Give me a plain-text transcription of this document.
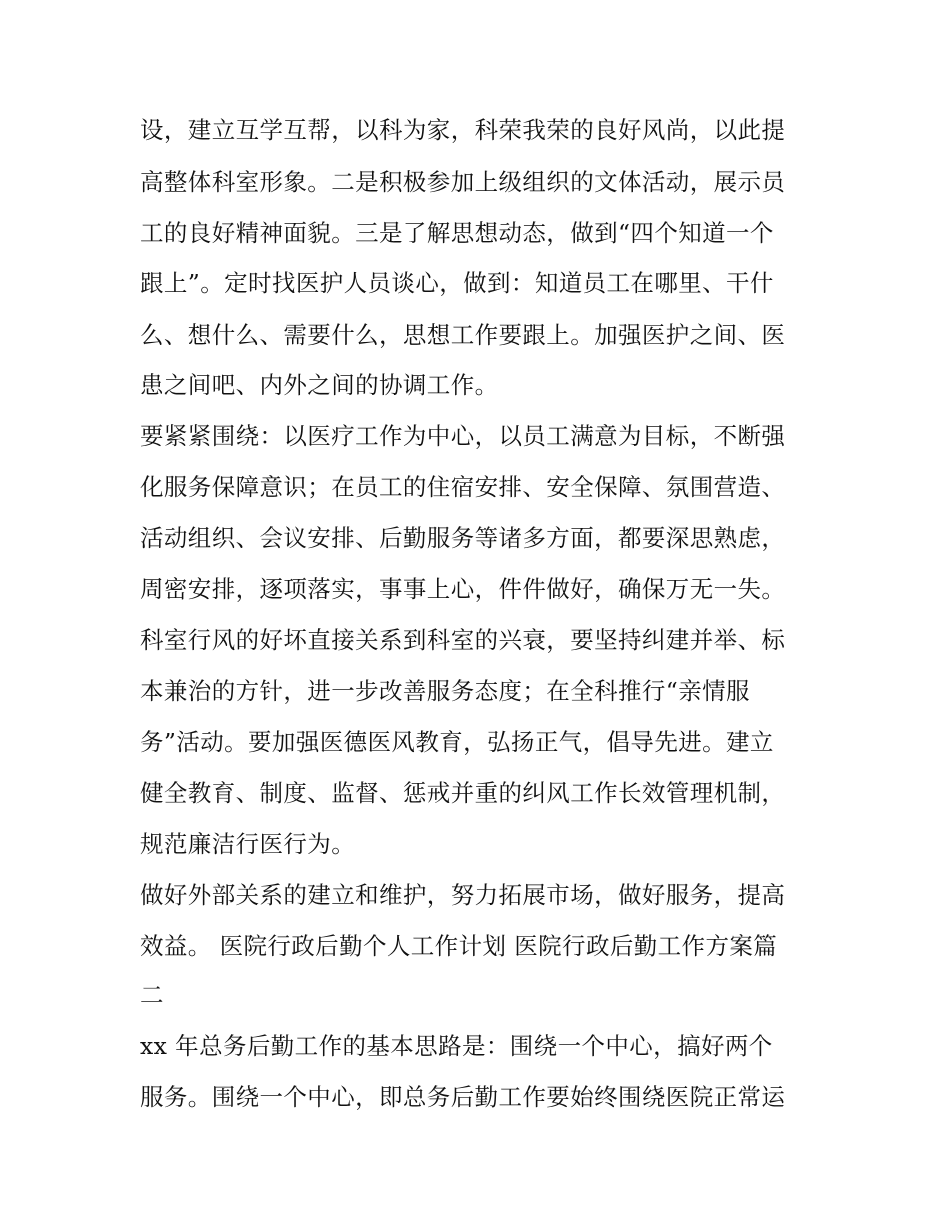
设，建立互学互帮，以科为家，科荣我荣的良好风尚，以此提
高整体科室形象。二是积极参加上级组织的文体活动，展示员
工的良好精神面貌。三是了解思想动态，做到“四个知道一个
跟上”。定时找医护人员谈心，做到：知道员工在哪里、干什
么、想什么、需要什么，思想工作要跟上。加强医护之间、医
患之间吧、内外之间的协调工作。
要紧紧围绕：以医疗工作为中心，以员工满意为目标，不断强
化服务保障意识；在员工的住宿安排、安全保障、氛围营造、
活动组织、会议安排、后勤服务等诸多方面，都要深思熟虑，
周密安排，逐项落实，事事上心，件件做好，确保万无一失。
科室行风的好坏直接关系到科室的兴衰，要坚持纠建并举、标
本兼治的方针，进一步改善服务态度；在全科推行“亲情服
务”活动。要加强医德医风教育，弘扬正气，倡导先进。建立
健全教育、制度、监督、惩戒并重的纠风工作长效管理机制，
规范廉洁行医行为。
做好外部关系的建立和维护，努力拓展市场，做好服务，提高
效益。 医院行政后勤个人工作计划 医院行政后勤工作方案篇
二
xx 年总务后勤工作的基本思路是：围绕一个中心，搞好两个
服务。围绕一个中心，即总务后勤工作要始终围绕医院正常运
